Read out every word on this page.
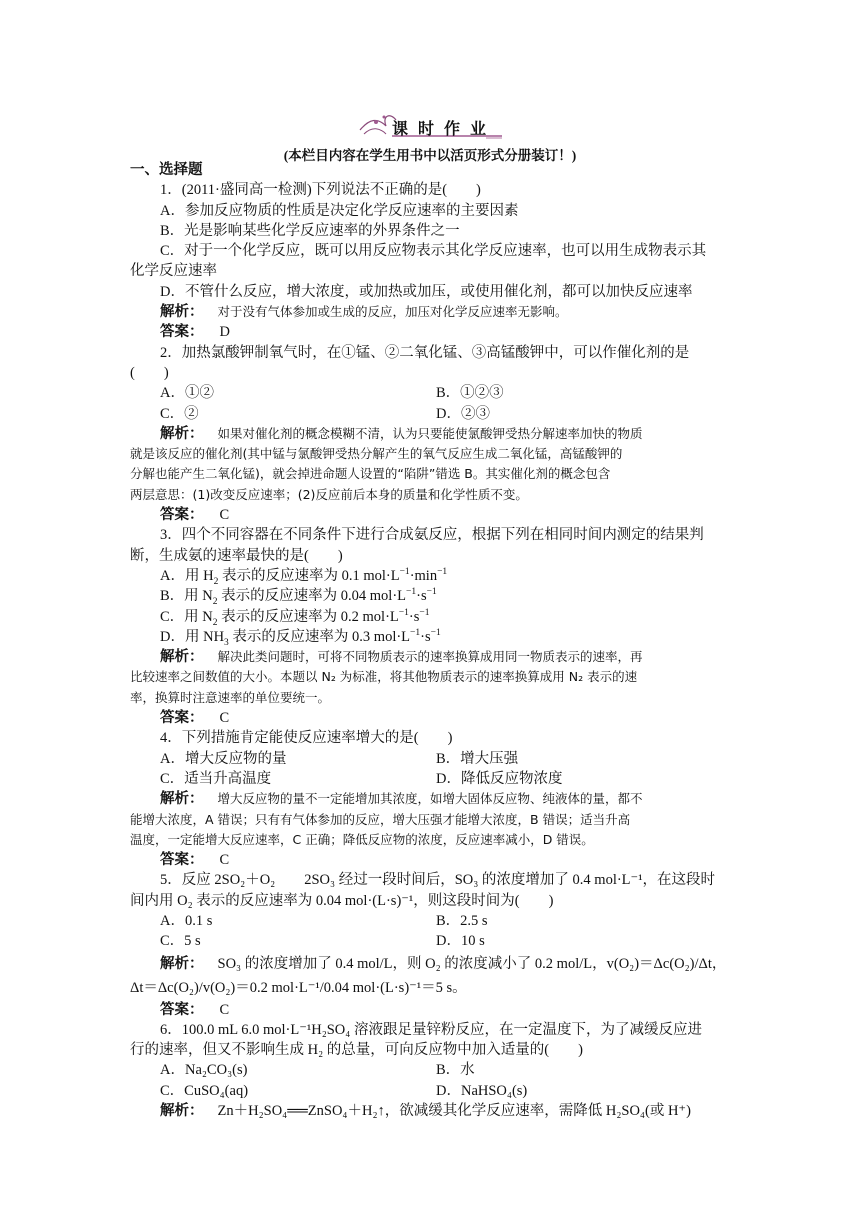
课 时 作 业
(本栏目内容在学生用书中以活页形式分册装订！)
一、选择题
1．(2011·盛同高一检测)下列说法不正确的是(　　)
A．参加反应物质的性质是决定化学反应速率的主要因素
B．光是影响某些化学反应速率的外界条件之一
C．对于一个化学反应，既可以用反应物表示其化学反应速率，也可以用生成物表示其
化学反应速率
D．不管什么反应，增大浓度，或加热或加压，或使用催化剂，都可以加快反应速率
解析： 对于没有气体参加或生成的反应，加压对化学反应速率无影响。
答案： D
2．加热氯酸钾制氧气时，在①锰、②二氧化锰、③高锰酸钾中，可以作催化剂的是
(　　)
A．①②	B．①②③
C．②	D．②③
解析： 如果对催化剂的概念模糊不清，认为只要能使氯酸钾受热分解速率加快的物质
就是该反应的催化剂(其中锰与氯酸钾受热分解产生的氧气反应生成二氧化锰，高锰酸钾的
分解也能产生二氧化锰)，就会掉进命题人设置的“陷阱”错选 B。其实催化剂的概念包含
两层意思：(1)改变反应速率；(2)反应前后本身的质量和化学性质不变。
答案： C
3．四个不同容器在不同条件下进行合成氨反应，根据下列在相同时间内测定的结果判
断，生成氨的速率最快的是(　　)
A．用 $H_2$ 表示的反应速率为 0.1 $mol\cdot L^{-1}\cdot\min^{-1}$
B．用 $N_2$ 表示的反应速率为 0.04 $mol\cdot L^{-1}\cdot s^{-1}$
C．用 $N_2$ 表示的反应速率为 0.2 $mol\cdot L^{-1}\cdot s^{-1}$
D．用 $NH_3$ 表示的反应速率为 0.3 $mol\cdot L^{-1}\cdot s^{-1}$
解析： 解决此类问题时，可将不同物质表示的速率换算成用同一物质表示的速率，再
比较速率之间数值的大小。本题以 N₂ 为标准，将其他物质表示的速率换算成用 N₂ 表示的速
率，换算时注意速率的单位要统一。
答案： C
4．下列措施肯定能使反应速率增大的是(　　)
A．增大反应物的量	B．增大压强
C．适当升高温度	D．降低反应物浓度
解析： 增大反应物的量不一定能增加其浓度，如增大固体反应物、纯液体的量，都不
能增大浓度，A 错误；只有有气体参加的反应，增大压强才能增大浓度，B 错误；适当升高
温度，一定能增大反应速率，C 正确；降低反应物的浓度，反应速率减小，D 错误。
答案： C
5．反应 2SO₂＋O₂　　2SO₃ 经过一段时间后，SO₃ 的浓度增加了 0.4 mol·L⁻¹，在这段时
间内用 O₂ 表示的反应速率为 0.04 mol·(L·s)⁻¹，则这段时间为(　　)
A．0.1 s	B．2.5 s
C．5 s	D．10 s
解析： SO₃ 的浓度增加了 0.4 mol/L，则 O₂ 的浓度减小了 0.2 mol/L，v(O₂)＝Δc(O₂)/Δt，
Δt＝Δc(O₂)/v(O₂)＝0.2 mol·L⁻¹/0.04 mol·(L·s)⁻¹＝5 s。
答案： C
6．100.0 mL 6.0 mol·L⁻¹H₂SO₄ 溶液跟足量锌粉反应，在一定温度下，为了减缓反应进
行的速率，但又不影响生成 H₂ 的总量，可向反应物中加入适量的(　　)
A．Na₂CO₃(s)	B．水
C．CuSO₄(aq)	D．NaHSO₄(s)
解析： Zn＋H₂SO₄══ZnSO₄＋H₂↑，欲减缓其化学反应速率，需降低 H₂SO₄(或 H⁺)
